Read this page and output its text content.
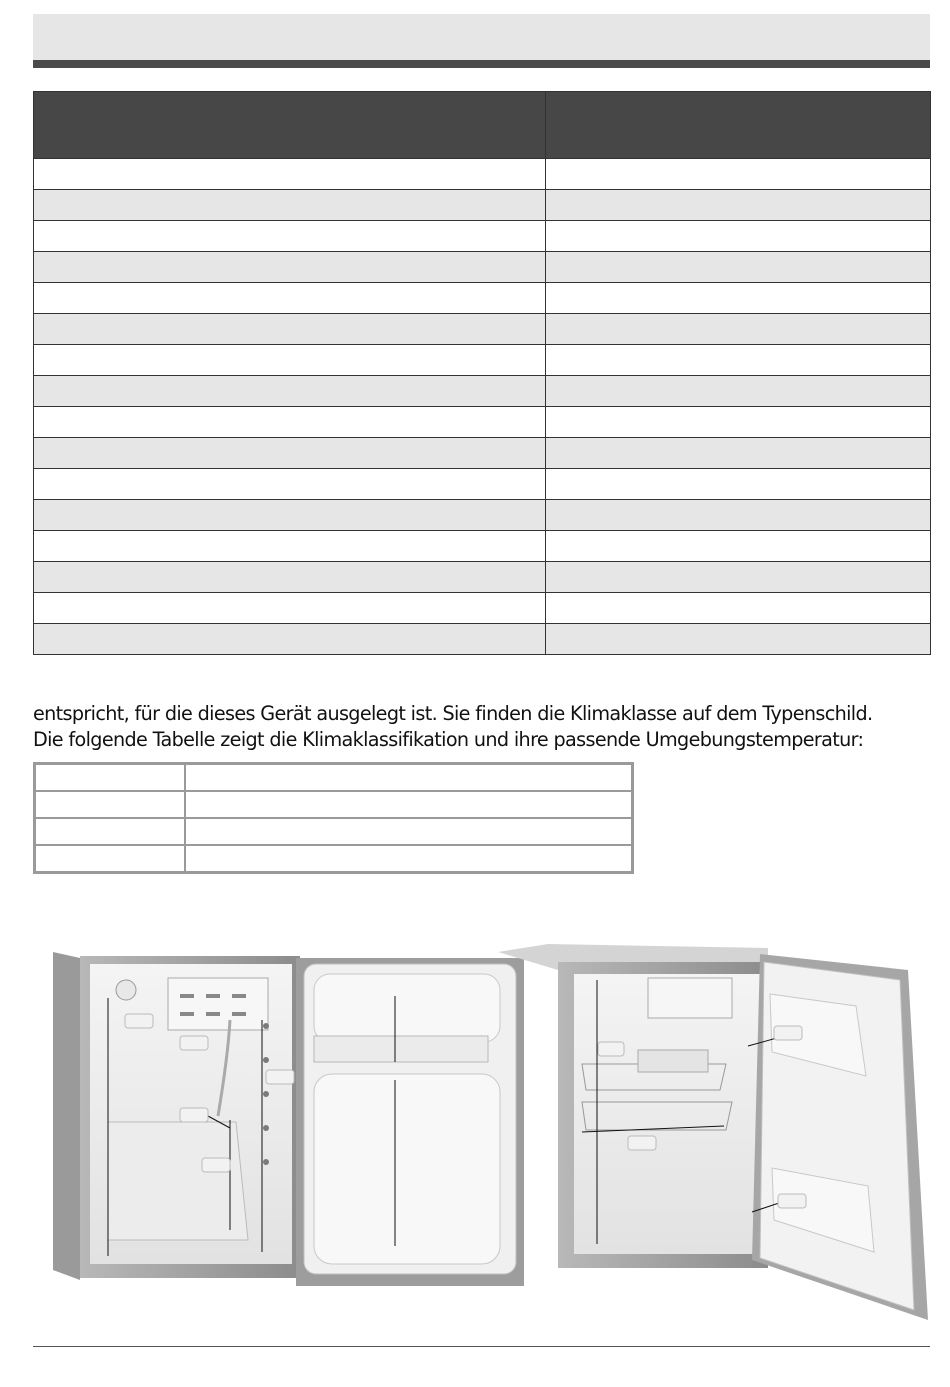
entspricht, für die dieses Gerät ausgelegt ist. Sie finden die Klimaklasse auf dem Typenschild.
Die folgende Tabelle zeigt die Klimaklassifikation und ihre passende Umgebungstemperatur:
